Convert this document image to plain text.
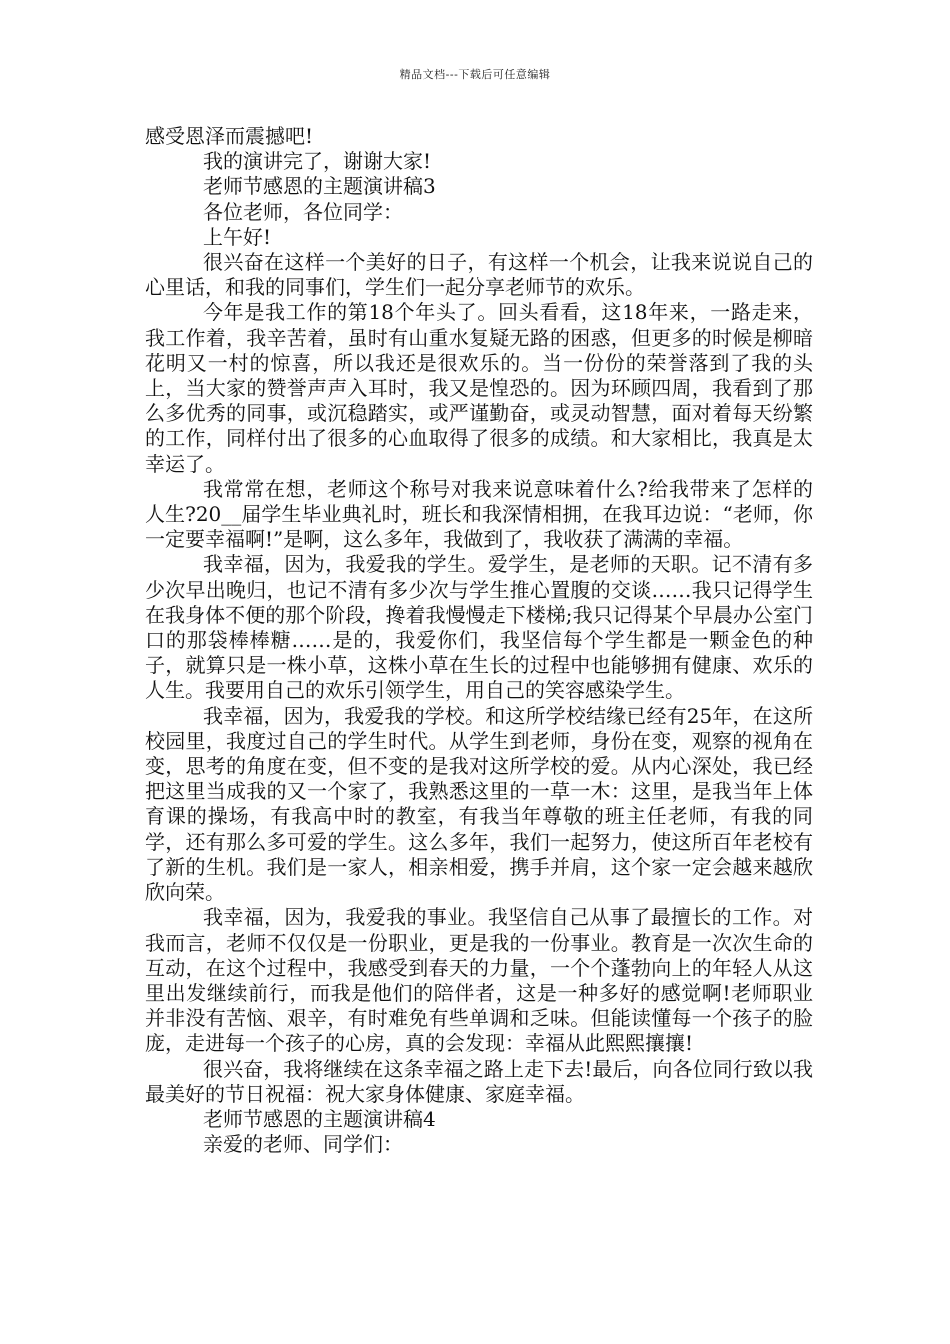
精品文档---下载后可任意编辑

感受恩泽而震撼吧!

我的演讲完了，谢谢大家!

老师节感恩的主题演讲稿3

各位老师，各位同学：

上午好!

很兴奋在这样一个美好的日子，有这样一个机会，让我来说说自己的心里话，和我的同事们，学生们一起分享老师节的欢乐。

今年是我工作的第18个年头了。回头看看，这18年来，一路走来，我工作着，我辛苦着，虽时有山重水复疑无路的困惑，但更多的时候是柳暗花明又一村的惊喜，所以我还是很欢乐的。当一份份的荣誉落到了我的头上，当大家的赞誉声声入耳时，我又是惶恐的。因为环顾四周，我看到了那么多优秀的同事，或沉稳踏实，或严谨勤奋，或灵动智慧，面对着每天纷繁的工作，同样付出了很多的心血取得了很多的成绩。和大家相比，我真是太幸运了。

我常常在想，老师这个称号对我来说意味着什么?给我带来了怎样的人生?20__届学生毕业典礼时，班长和我深情相拥，在我耳边说：“老师，你一定要幸福啊!”是啊，这么多年，我做到了，我收获了满满的幸福。

我幸福，因为，我爱我的学生。爱学生，是老师的天职。记不清有多少次早出晚归，也记不清有多少次与学生推心置腹的交谈……我只记得学生在我身体不便的那个阶段，搀着我慢慢走下楼梯;我只记得某个早晨办公室门口的那袋棒棒糖……是的，我爱你们，我坚信每个学生都是一颗金色的种子，就算只是一株小草，这株小草在生长的过程中也能够拥有健康、欢乐的人生。我要用自己的欢乐引领学生，用自己的笑容感染学生。

我幸福，因为，我爱我的学校。和这所学校结缘已经有25年，在这所校园里，我度过自己的学生时代。从学生到老师，身份在变，观察的视角在变，思考的角度在变，但不变的是我对这所学校的爱。从内心深处，我已经把这里当成我的又一个家了，我熟悉这里的一草一木：这里，是我当年上体育课的操场，有我高中时的教室，有我当年尊敬的班主任老师，有我的同学，还有那么多可爱的学生。这么多年，我们一起努力，使这所百年老校有了新的生机。我们是一家人，相亲相爱，携手并肩，这个家一定会越来越欣欣向荣。

我幸福，因为，我爱我的事业。我坚信自己从事了最擅长的工作。对我而言，老师不仅仅是一份职业，更是我的一份事业。教育是一次次生命的互动，在这个过程中，我感受到春天的力量，一个个蓬勃向上的年轻人从这里出发继续前行，而我是他们的陪伴者，这是一种多好的感觉啊!老师职业并非没有苦恼、艰辛，有时难免有些单调和乏味。但能读懂每一个孩子的脸庞，走进每一个孩子的心房，真的会发现：幸福从此熙熙攘攘!

很兴奋，我将继续在这条幸福之路上走下去!最后，向各位同行致以我最美好的节日祝福：祝大家身体健康、家庭幸福。

老师节感恩的主题演讲稿4

亲爱的老师、同学们：
